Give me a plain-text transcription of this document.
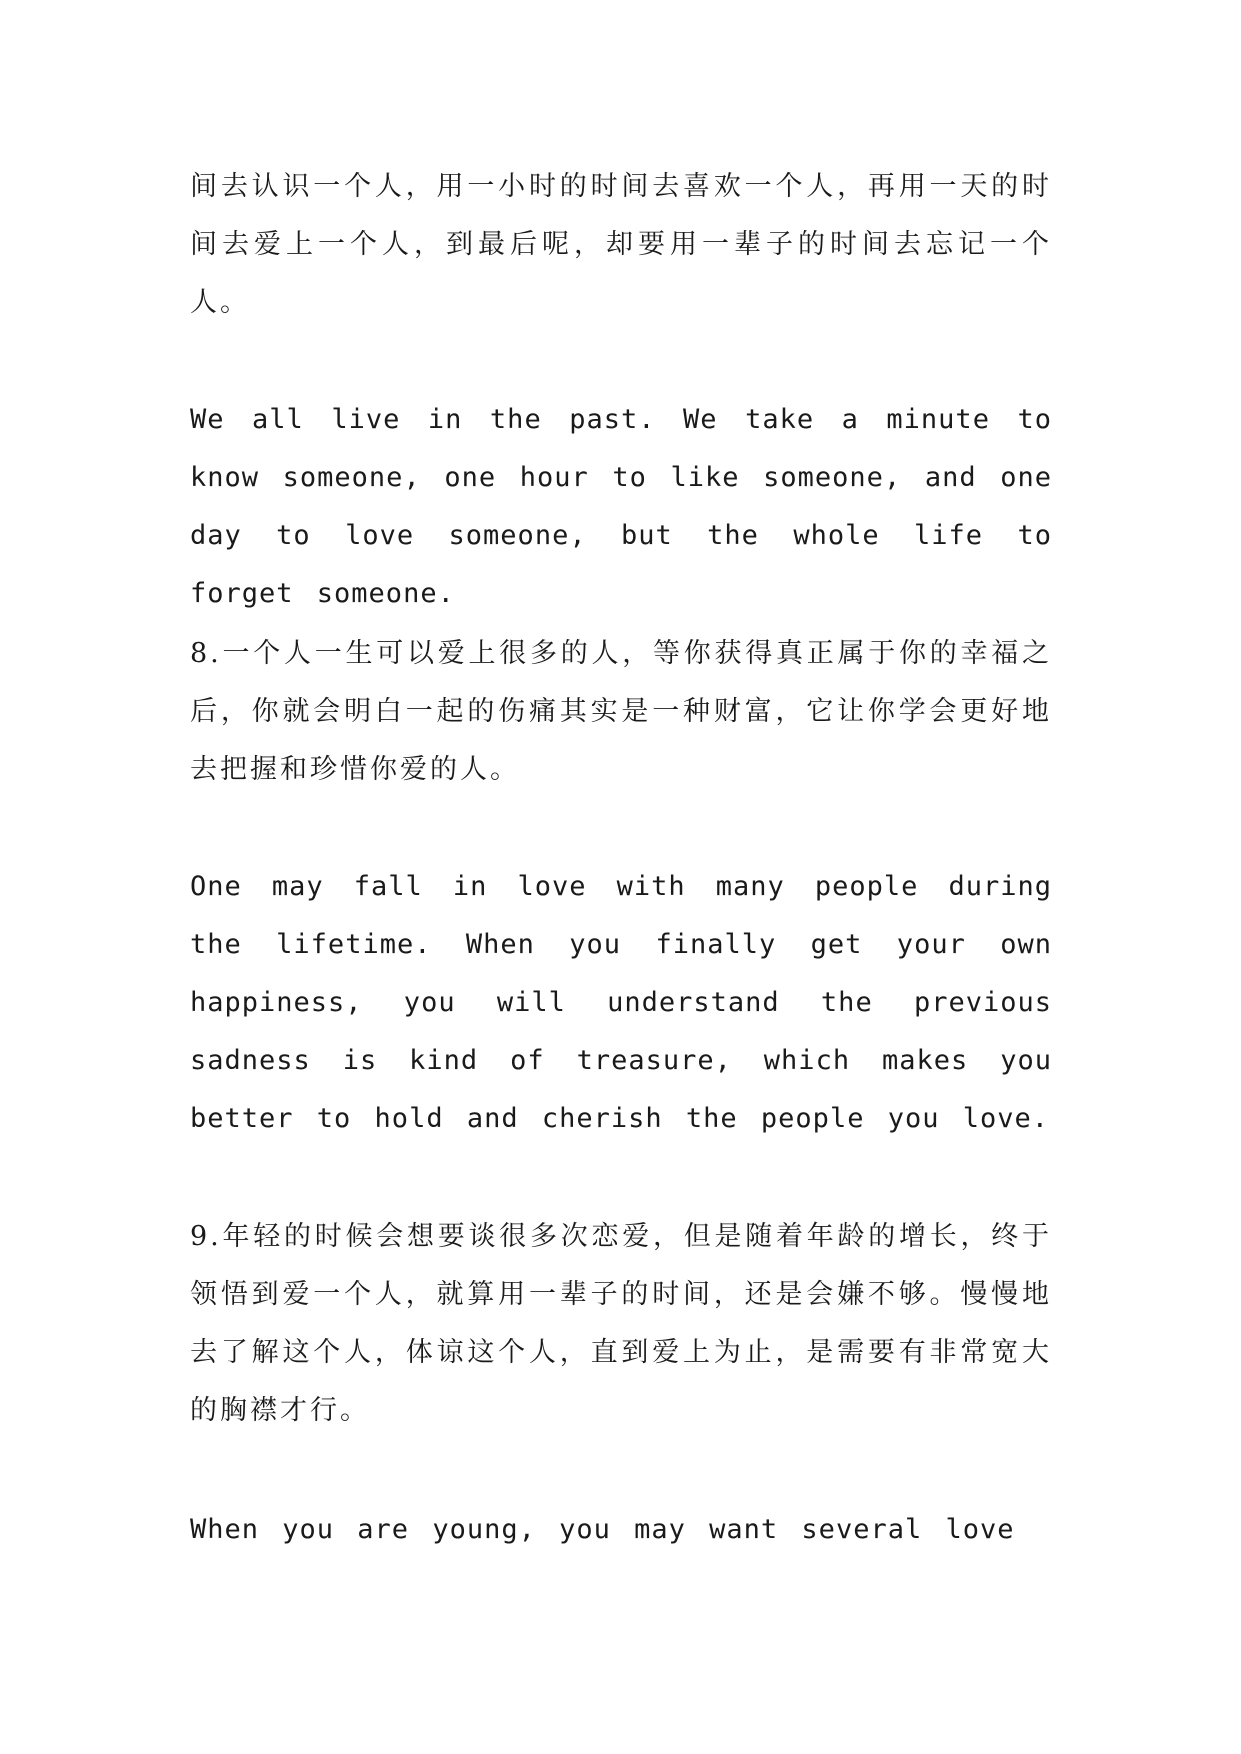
间去认识一个人，用一小时的时间去喜欢一个人，再用一天的时间去爱上一个人，到最后呢，却要用一辈子的时间去忘记一个人。

We all live in the past. We take a minute to know someone, one hour to like someone, and one day to love someone, but the whole life to forget someone.

8.一个人一生可以爱上很多的人，等你获得真正属于你的幸福之后，你就会明白一起的伤痛其实是一种财富，它让你学会更好地去把握和珍惜你爱的人。

One may fall in love with many people during the lifetime. When you finally get your own happiness, you will understand the previous sadness is kind of treasure, which makes you better to hold and cherish the people you love.

9.年轻的时候会想要谈很多次恋爱，但是随着年龄的增长，终于领悟到爱一个人，就算用一辈子的时间，还是会嫌不够。慢慢地去了解这个人，体谅这个人，直到爱上为止，是需要有非常宽大的胸襟才行。

When you are young, you may want several love
